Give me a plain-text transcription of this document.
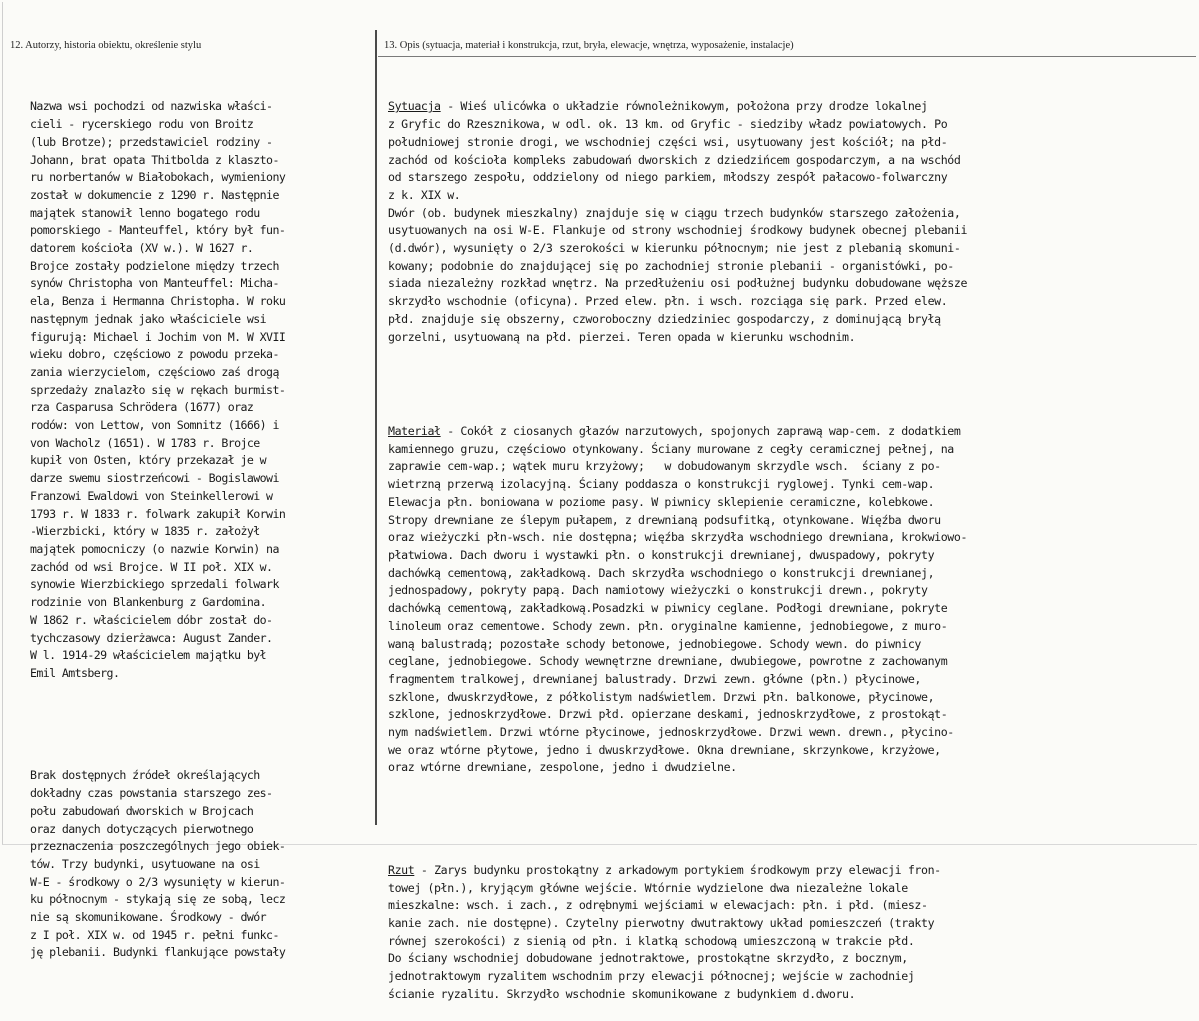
12. Autorzy, historia obiektu, określenie stylu	13. Opis (sytuacja, materiał i konstrukcja, rzut, bryła, elewacje, wnętrza, wyposażenie, instalacje)

Nazwa wsi pochodzi od nazwiska właści-
cieli - rycerskiego rodu von Broitz
(lub Brotze); przedstawiciel rodziny -
Johann, brat opata Thitbolda z klaszto-
ru norbertanów w Białobokach, wymieniony
został w dokumencie z 1290 r. Następnie
majątek stanowił lenno bogatego rodu
pomorskiego - Manteuffel, który był fun-
datorem kościoła (XV w.). W 1627 r.
Brojce zostały podzielone między trzech
synów Christopha von Manteuffel: Micha-
ela, Benza i Hermanna Christopha. W roku
następnym jednak jako właściciele wsi
figurują: Michael i Jochim von M. W XVII
wieku dobro, częściowo z powodu przeka-
zania wierzycielom, częściowo zaś drogą
sprzedaży znalazło się w rękach burmist-
rza Casparusa Schrödera (1677) oraz
rodów: von Lettow, von Somnitz (1666) i
von Wacholz (1651). W 1783 r. Brojce
kupił von Osten, który przekazał je w
darze swemu siostrzeńcowi - Bogislawowi
Franzowi Ewaldowi von Steinkellerowi w
1793 r. W 1833 r. folwark zakupił Korwin
-Wierzbicki, który w 1835 r. założył
majątek pomocniczy (o nazwie Korwin) na
zachód od wsi Brojce. W II poł. XIX w.
synowie Wierzbickiego sprzedali folwark
rodzinie von Blankenburg z Gardomina.
W 1862 r. właścicielem dóbr został do-
tychczasowy dzierżawca: August Zander.
W l. 1914-29 właścicielem majątku był
Emil Amtsberg.

Brak dostępnych źródeł określających
dokładny czas powstania starszego zes-
połu zabudowań dworskich w Brojcach
oraz danych dotyczących pierwotnego
przeznaczenia poszczególnych jego obiek-
tów. Trzy budynki, usytuowane na osi
W-E - środkowy o 2/3 wysunięty w kierun-
ku północnym - stykają się ze sobą, lecz
nie są skomunikowane. Środkowy - dwór
z I poł. XIX w. od 1945 r. pełni funkc-
ję plebanii. Budynki flankujące powstały

Sytuacja - Wieś ulicówka o układzie równoleżnikowym, położona przy drodze lokalnej
z Gryfic do Rzesznikowa, w odl. ok. 13 km. od Gryfic - siedziby władz powiatowych. Po
południowej stronie drogi, we wschodniej części wsi, usytuowany jest kościół; na płd-
zachód od kościoła kompleks zabudowań dworskich z dziedzińcem gospodarczym, a na wschód
od starszego zespołu, oddzielony od niego parkiem, młodszy zespół pałacowo-folwarczny
z k. XIX w.
Dwór (ob. budynek mieszkalny) znajduje się w ciągu trzech budynków starszego założenia,
usytuowanych na osi W-E. Flankuje od strony wschodniej środkowy budynek obecnej plebanii
(d.dwór), wysunięty o 2/3 szerokości w kierunku północnym; nie jest z plebanią skomuni-
kowany; podobnie do znajdującej się po zachodniej stronie plebanii - organistówki, po-
siada niezależny rozkład wnętrz. Na przedłużeniu osi podłużnej budynku dobudowane węższe
skrzydło wschodnie (oficyna). Przed elew. płn. i wsch. rozciąga się park. Przed elew.
płd. znajduje się obszerny, czworoboczny dziedziniec gospodarczy, z dominującą bryłą
gorzelni, usytuowaną na płd. pierzei. Teren opada w kierunku wschodnim.

Materiał - Cokół z ciosanych głazów narzutowych, spojonych zaprawą wap-cem. z dodatkiem
kamiennego gruzu, częściowo otynkowany. Ściany murowane z cegły ceramicznej pełnej, na
zaprawie cem-wap.; wątek muru krzyżowy;   w dobudowanym skrzydle wsch.  ściany z po-
wietrzną przerwą izolacyjną. Ściany poddasza o konstrukcji ryglowej. Tynki cem-wap.
Elewacja płn. boniowana w poziome pasy. W piwnicy sklepienie ceramiczne, kolebkowe.
Stropy drewniane ze ślepym pułapem, z drewnianą podsufitką, otynkowane. Więźba dworu
oraz wieżyczki płn-wsch. nie dostępna; więźba skrzydła wschodniego drewniana, krokwiowo-
płatwiowa. Dach dworu i wystawki płn. o konstrukcji drewnianej, dwuspadowy, pokryty
dachówką cementową, zakładkową. Dach skrzydła wschodniego o konstrukcji drewnianej,
jednospadowy, pokryty papą. Dach namiotowy wieżyczki o konstrukcji drewn., pokryty
dachówką cementową, zakładkową.Posadzki w piwnicy ceglane. Podłogi drewniane, pokryte
linoleum oraz cementowe. Schody zewn. płn. oryginalne kamienne, jednobiegowe, z muro-
waną balustradą; pozostałe schody betonowe, jednobiegowe. Schody wewn. do piwnicy
ceglane, jednobiegowe. Schody wewnętrzne drewniane, dwubiegowe, powrotne z zachowanym
fragmentem tralkowej, drewnianej balustrady. Drzwi zewn. główne (płn.) płycinowe,
szklone, dwuskrzydłowe, z półkolistym nadświetlem. Drzwi płn. balkonowe, płycinowe,
szklone, jednoskrzydłowe. Drzwi płd. opierzane deskami, jednoskrzydłowe, z prostokąt-
nym nadświetlem. Drzwi wtórne płycinowe, jednoskrzydłowe. Drzwi wewn. drewn., płycino-
we oraz wtórne płytowe, jedno i dwuskrzydłowe. Okna drewniane, skrzynkowe, krzyżowe,
oraz wtórne drewniane, zespolone, jedno i dwudzielne.

Rzut - Zarys budynku prostokątny z arkadowym portykiem środkowym przy elewacji fron-
towej (płn.), kryjącym główne wejście. Wtórnie wydzielone dwa niezależne lokale
mieszkalne: wsch. i zach., z odrębnymi wejściami w elewacjach: płn. i płd. (miesz-
kanie zach. nie dostępne). Czytelny pierwotny dwutraktowy układ pomieszczeń (trakty
równej szerokości) z sienią od płn. i klatką schodową umieszczoną w trakcie płd.
Do ściany wschodniej dobudowane jednotraktowe, prostokątne skrzydło, z bocznym,
jednotraktowym ryzalitem wschodnim przy elewacji północnej; wejście w zachodniej
ścianie ryzalitu. Skrzydło wschodnie skomunikowane z budynkiem d.dworu.
